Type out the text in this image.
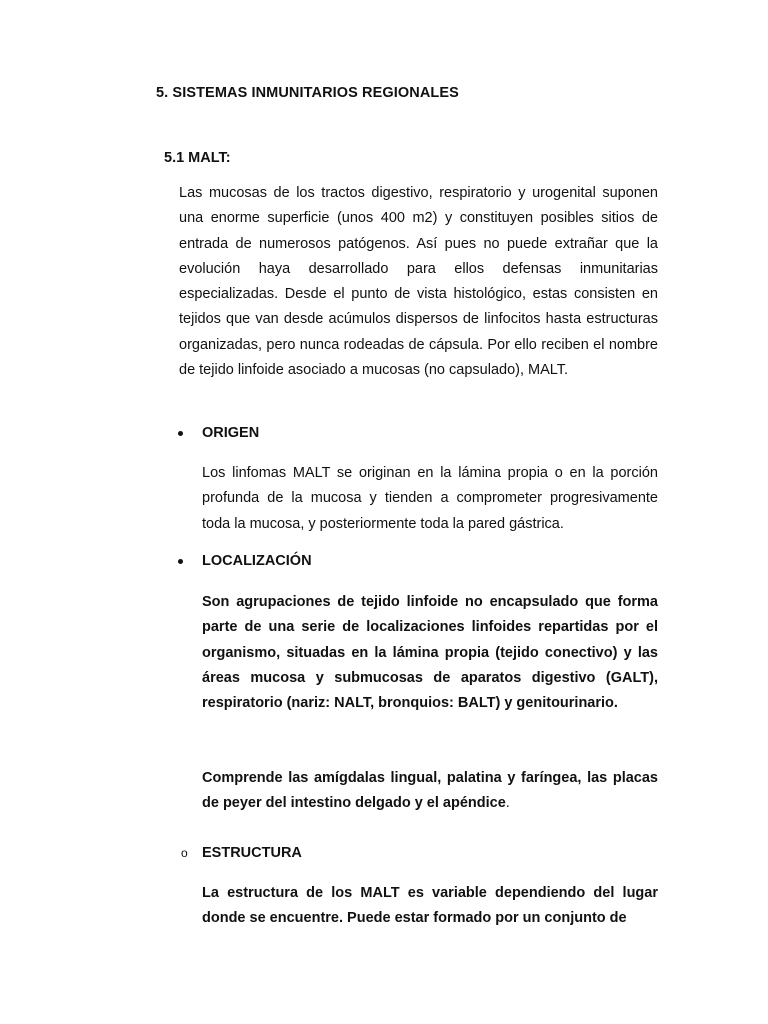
5. SISTEMAS INMUNITARIOS REGIONALES
5.1 MALT:

Las mucosas de los tractos digestivo, respiratorio y urogenital suponen una enorme superficie (unos 400 m2) y constituyen posibles sitios de entrada de numerosos patógenos. Así pues no puede extrañar que la evolución haya desarrollado para ellos defensas inmunitarias especializadas. Desde el punto de vista histológico, estas consisten en tejidos que van desde acúmulos dispersos de linfocitos hasta estructuras organizadas, pero nunca rodeadas de cápsula. Por ello reciben el nombre de tejido linfoide asociado a mucosas (no capsulado), MALT.

ORIGEN

Los linfomas MALT se originan en la lámina propia o en la porción profunda de la mucosa y tienden a comprometer progresivamente toda la mucosa, y posteriormente toda la pared gástrica.

LOCALIZACIÓN

Son agrupaciones de tejido linfoide no encapsulado que forma parte de una serie de localizaciones linfoides repartidas por el organismo, situadas en la lámina propia (tejido conectivo) y las áreas mucosa y submucosas de aparatos digestivo (GALT), respiratorio (nariz: NALT, bronquios: BALT) y genitourinario.

Comprende las amígdalas lingual, palatina y faríngea, las placas de peyer del intestino delgado y el apéndice.

o ESTRUCTURA

La estructura de los MALT es variable dependiendo del lugar donde se encuentre. Puede estar formado por un conjunto de
